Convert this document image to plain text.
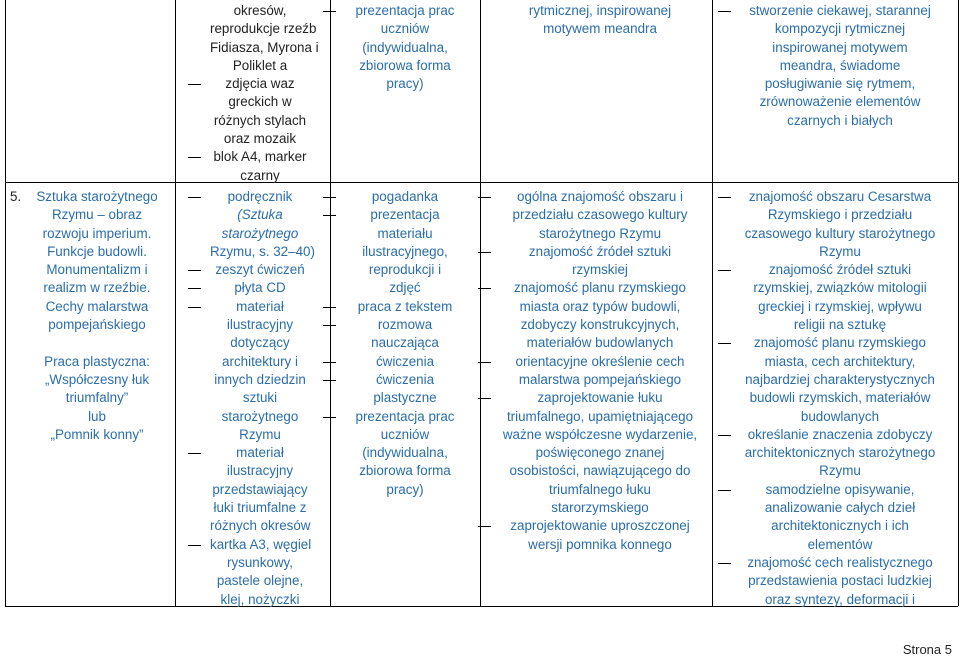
okresów,
reprodukcje rzeźb
Fidiasza, Myrona i
Poliklet a
zdjęcia waz
greckich w
różnych stylach
oraz mozaik
blok A4, marker
czarny
prezentacja prac
uczniów
(indywidualna,
zbiorowa forma
pracy)
rytmicznej, inspirowanej
motywem meandra
stworzenie ciekawej, starannej
kompozycji rytmicznej
inspirowanej motywem
meandra, świadome
posługiwanie się rytmem,
zrównoważenie elementów
czarnych i białych
5.	Sztuka starożytnego
Rzymu – obraz
rozwoju imperium.
Funkcje budowli.
Monumentalizm i
realizm w rzeźbie.
Cechy malarstwa
pompejańskiego

Praca plastyczna:
„Współczesny łuk
triumfalny”
lub
„Pomnik konny”
podręcznik
(Sztuka
starożytnego
Rzymu, s. 32–40)
zeszyt ćwiczeń
płyta CD
materiał
ilustracyjny
dotyczący
architektury i
innych dziedzin
sztuki
starożytnego
Rzymu
materiał
ilustracyjny
przedstawiający
łuki triumfalne z
różnych okresów
kartka A3, węgiel
rysunkowy,
pastele olejne,
klej, nożyczki
pogadanka
prezentacja
materiału
ilustracyjnego,
reprodukcji i
zdjęć
praca z tekstem
rozmowa
nauczająca
ćwiczenia
ćwiczenia
plastyczne
prezentacja prac
uczniów
(indywidualna,
zbiorowa forma
pracy)
ogólna znajomość obszaru i
przedziału czasowego kultury
starożytnego Rzymu
znajomość źródeł sztuki
rzymskiej
znajomość planu rzymskiego
miasta oraz typów budowli,
zdobyczy konstrukcyjnych,
materiałów budowlanych
orientacyjne określenie cech
malarstwa pompejańskiego
zaprojektowanie łuku
triumfalnego, upamiętniającego
ważne współczesne wydarzenie,
poświęconego znanej
osobistości, nawiązującego do
triumfalnego łuku
starorzymskiego
zaprojektowanie uproszczonej
wersji pomnika konnego
znajomość obszaru Cesarstwa
Rzymskiego i przedziału
czasowego kultury starożytnego
Rzymu
znajomość źródeł sztuki
rzymskiej, związków mitologii
greckiej i rzymskiej, wpływu
religii na sztukę
znajomość planu rzymskiego
miasta, cech architektury,
najbardziej charakterystycznych
budowli rzymskich, materiałów
budowlanych
określanie znaczenia zdobyczy
architektonicznych starożytnego
Rzymu
samodzielne opisywanie,
analizowanie całych dzieł
architektonicznych i ich
elementów
znajomość cech realistycznego
przedstawienia postaci ludzkiej
oraz syntezy, deformacji i
Strona 5
